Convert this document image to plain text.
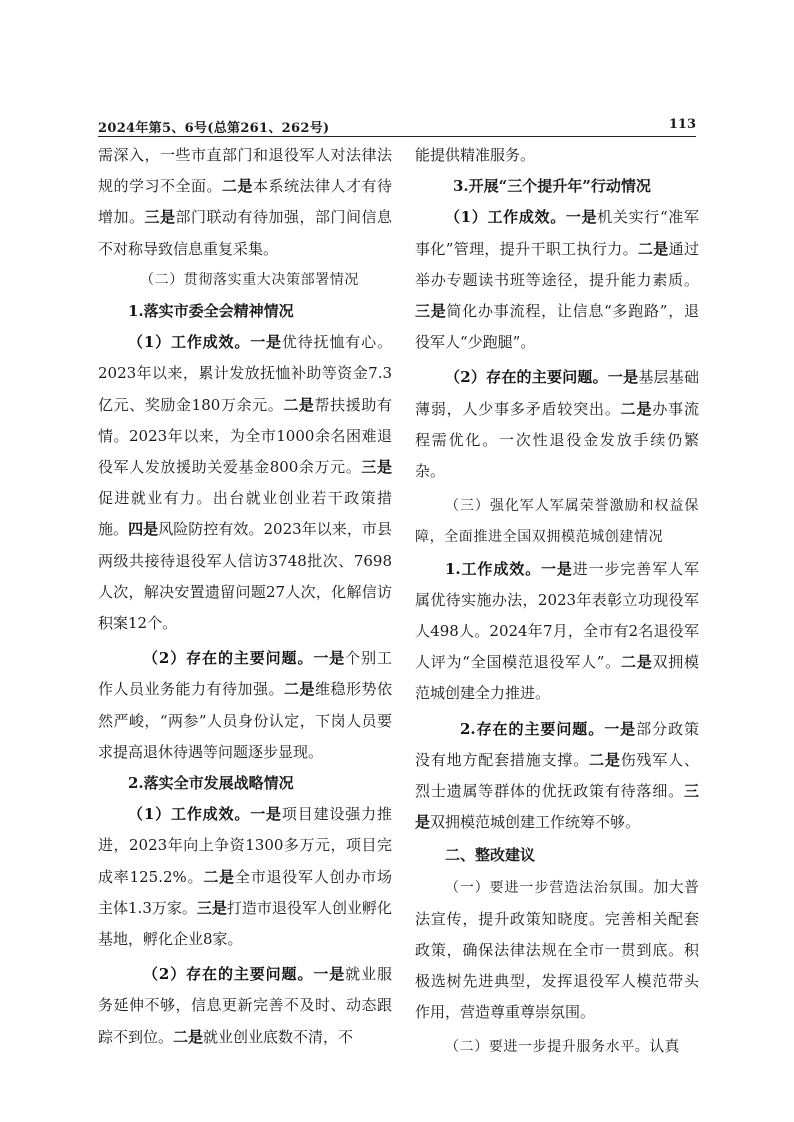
2024年第5、6号(总第261、262号)	113

需深入，一些市直部门和退役军人对法律法规的学习不全面。二是本系统法律人才有待增加。三是部门联动有待加强，部门间信息不对称导致信息重复采集。

（二）贯彻落实重大决策部署情况

1.落实市委全会精神情况

（1）工作成效。一是优待抚恤有心。2023年以来，累计发放抚恤补助等资金7.3亿元、奖励金180万余元。二是帮扶援助有情。2023年以来，为全市1000余名困难退役军人发放援助关爱基金800余万元。三是促进就业有力。出台就业创业若干政策措施。四是风险防控有效。2023年以来，市县两级共接待退役军人信访3748批次、7698人次，解决安置遗留问题27人次，化解信访积案12个。

（2）存在的主要问题。一是个别工作人员业务能力有待加强。二是维稳形势依然严峻，“两参”人员身份认定，下岗人员要求提高退休待遇等问题逐步显现。

2.落实全市发展战略情况

（1）工作成效。一是项目建设强力推进，2023年向上争资1300多万元，项目完成率125.2%。二是全市退役军人创办市场主体1.3万家。三是打造市退役军人创业孵化基地，孵化企业8家。

（2）存在的主要问题。一是就业服务延伸不够，信息更新完善不及时、动态跟踪不到位。二是就业创业底数不清，不

能提供精准服务。

3.开展“三个提升年”行动情况

（1）工作成效。一是机关实行“准军事化”管理，提升干职工执行力。二是通过举办专题读书班等途径，提升能力素质。三是简化办事流程，让信息“多跑路”，退役军人“少跑腿”。

（2）存在的主要问题。一是基层基础薄弱，人少事多矛盾较突出。二是办事流程需优化。一次性退役金发放手续仍繁杂。

（三）强化军人军属荣誉激励和权益保障，全面推进全国双拥模范城创建情况

1.工作成效。一是进一步完善军人军属优待实施办法，2023年表彰立功现役军人498人。2024年7月，全市有2名退役军人评为“全国模范退役军人”。二是双拥模范城创建全力推进。

2.存在的主要问题。一是部分政策没有地方配套措施支撑。二是伤残军人、烈士遗属等群体的优抚政策有待落细。三是双拥模范城创建工作统筹不够。

二、整改建议

（一）要进一步营造法治氛围。加大普法宣传，提升政策知晓度。完善相关配套政策，确保法律法规在全市一贯到底。积极选树先进典型，发挥退役军人模范带头作用，营造尊重尊崇氛围。

（二）要进一步提升服务水平。认真
